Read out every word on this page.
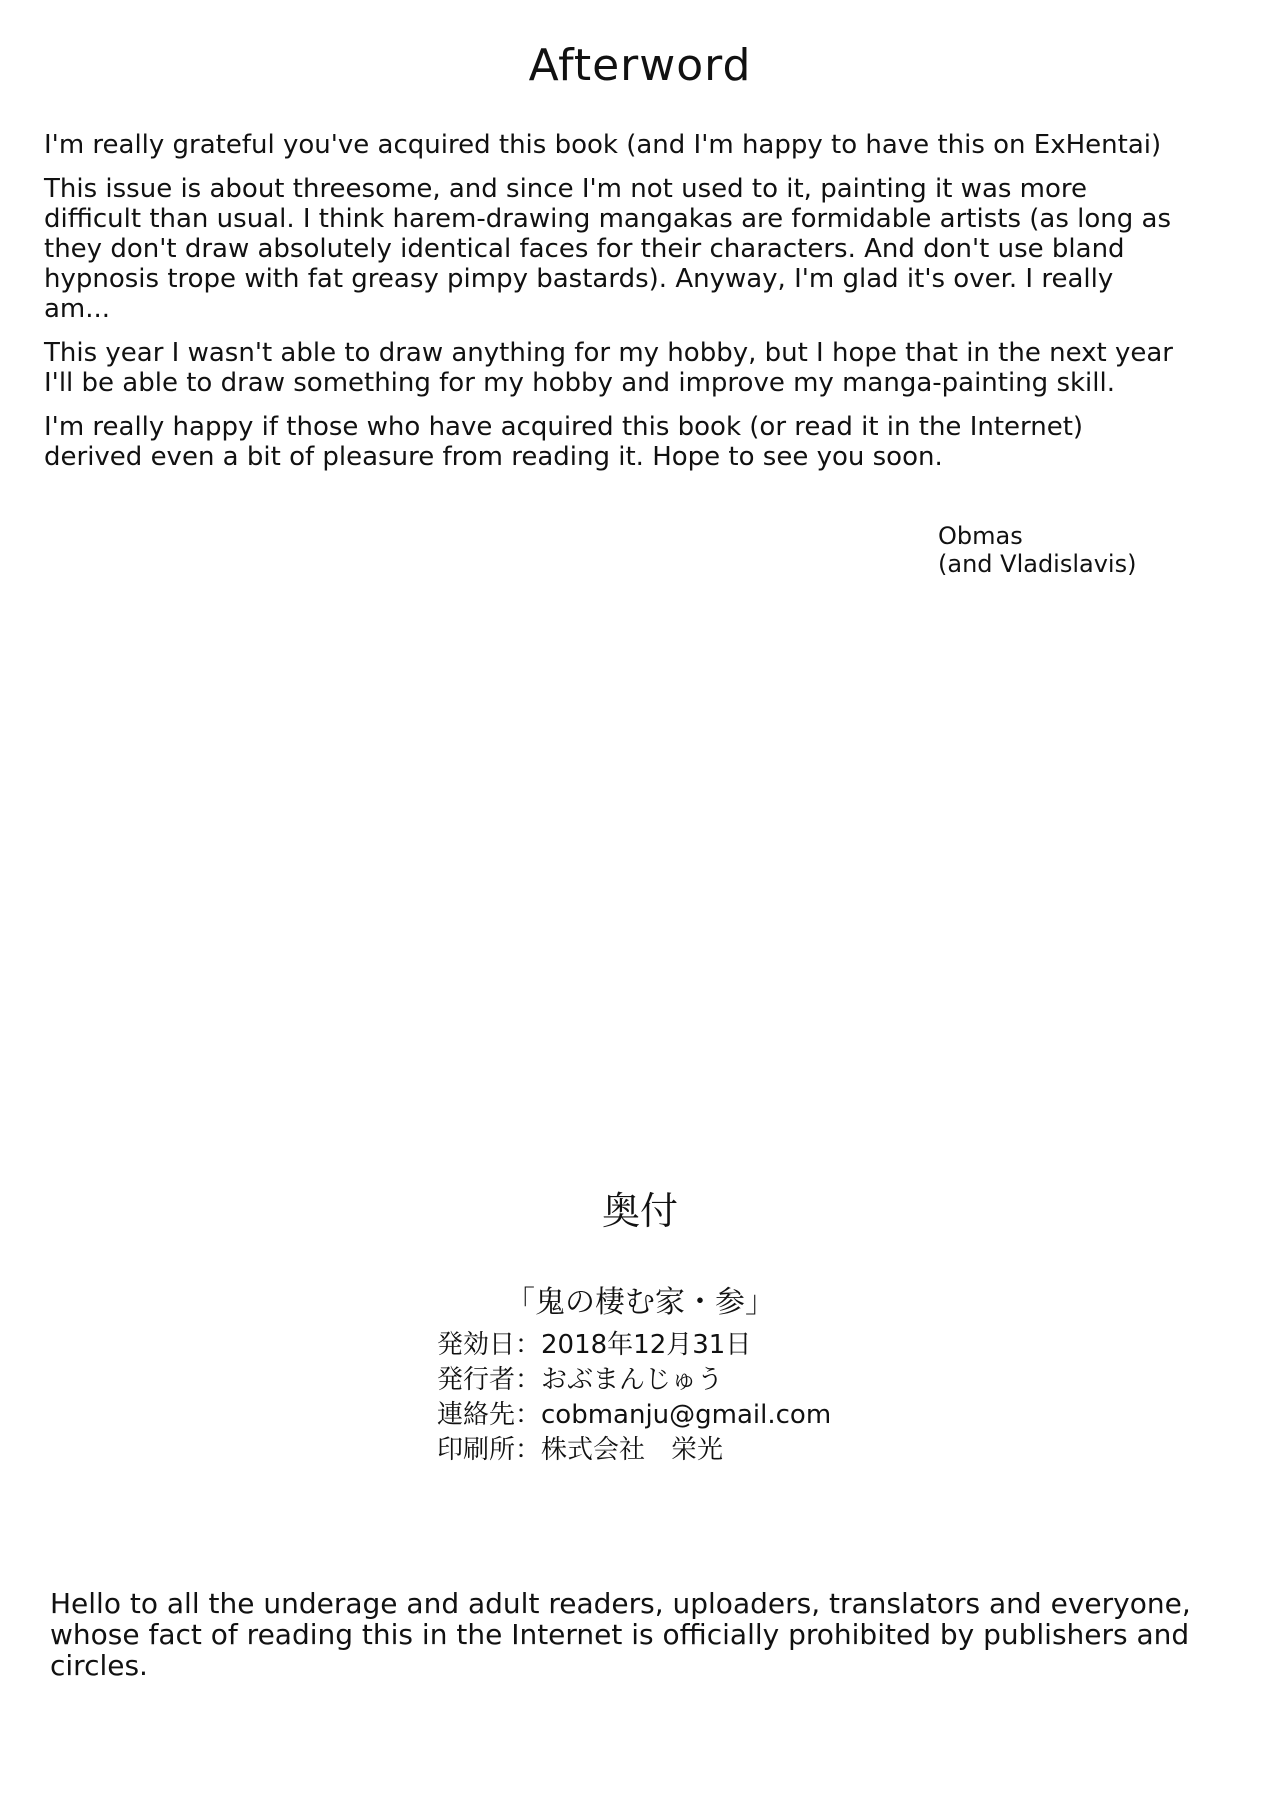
Afterword

I'm really grateful you've acquired this book (and I'm happy to have this on ExHentai)

This issue is about threesome, and since I'm not used to it, painting it was more difficult than usual. I think harem-drawing mangakas are formidable artists (as long as they don't draw absolutely identical faces for their characters. And don't use bland hypnosis trope with fat greasy pimpy bastards). Anyway, I'm glad it's over. I really am...

This year I wasn't able to draw anything for my hobby, but I hope that in the next year I'll be able to draw something for my hobby and improve my manga-painting skill.

I'm really happy if those who have acquired this book (or read it in the Internet) derived even a bit of pleasure from reading it. Hope to see you soon.

Obmas
(and Vladislavis)
奥付
「鬼の棲む家・参」
発効日：2018年12月31日
発行者：おぶまんじゅう
連絡先：cobmanju@gmail.com
印刷所：株式会社　栄光
Hello to all the underage and adult readers, uploaders, translators and everyone, whose fact of reading this in the Internet is officially prohibited by publishers and circles.
